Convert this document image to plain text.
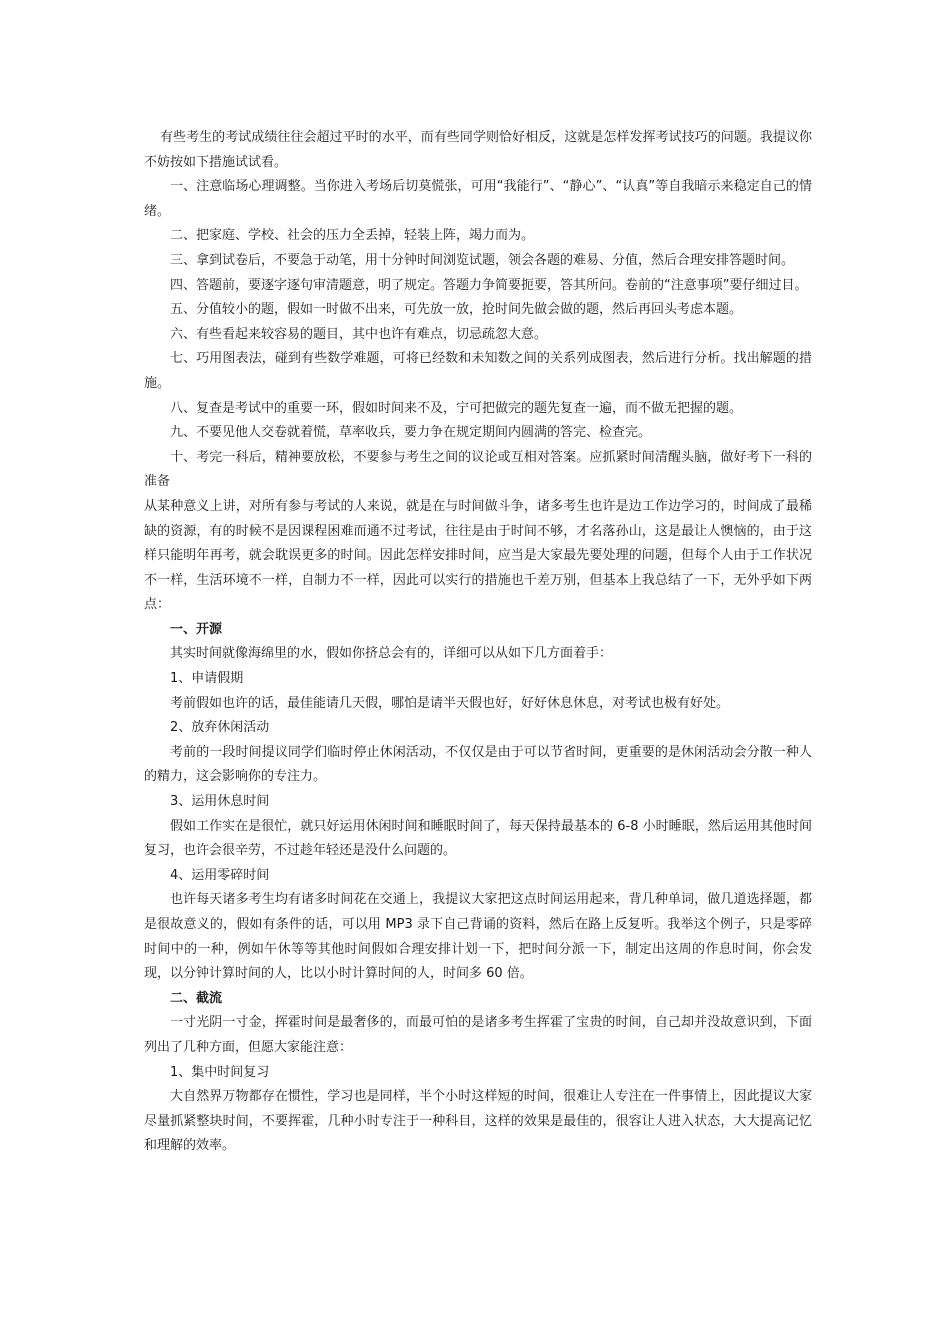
有些考生的考试成绩往往会超过平时的水平，而有些同学则恰好相反，这就是怎样发挥考试技巧的问题。我提议你不妨按如下措施试试看。

一、注意临场心理调整。当你进入考场后切莫慌张，可用“我能行”、“静心”、“认真”等自我暗示来稳定自己的情绪。

二、把家庭、学校、社会的压力全丢掉，轻装上阵，竭力而为。

三、拿到试卷后，不要急于动笔，用十分钟时间浏览试题，领会各题的难易、分值，然后合理安排答题时间。

四、答题前，要逐字逐句审清题意，明了规定。答题力争简要扼要，答其所问。卷前的“注意事项”要仔细过目。

五、分值较小的题，假如一时做不出来，可先放一放，抢时间先做会做的题，然后再回头考虑本题。

六、有些看起来较容易的题目，其中也许有难点，切忌疏忽大意。

七、巧用图表法，碰到有些数学难题，可将已经数和未知数之间的关系列成图表，然后进行分析。找出解题的措施。

八、复查是考试中的重要一环，假如时间来不及，宁可把做完的题先复查一遍，而不做无把握的题。

九、不要见他人交卷就着慌，草率收兵，要力争在规定期间内圆满的答完、检查完。

十、考完一科后，精神要放松，不要参与考生之间的议论或互相对答案。应抓紧时间清醒头脑，做好考下一科的准备

从某种意义上讲，对所有参与考试的人来说，就是在与时间做斗争，诸多考生也许是边工作边学习的，时间成了最稀缺的资源，有的时候不是因课程困难而通不过考试，往往是由于时间不够，才名落孙山，这是最让人懊恼的，由于这样只能明年再考，就会耽误更多的时间。因此怎样安排时间，应当是大家最先要处理的问题，但每个人由于工作状况不一样，生活环境不一样，自制力不一样，因此可以实行的措施也千差万别，但基本上我总结了一下，无外乎如下两点：

一、开源

其实时间就像海绵里的水，假如你挤总会有的，详细可以从如下几方面着手：

1、申请假期

考前假如也许的话，最佳能请几天假，哪怕是请半天假也好，好好休息休息，对考试也极有好处。

2、放弃休闲活动

考前的一段时间提议同学们临时停止休闲活动，不仅仅是由于可以节省时间，更重要的是休闲活动会分散一种人的精力，这会影响你的专注力。

3、运用休息时间

假如工作实在是很忙，就只好运用休闲时间和睡眠时间了，每天保持最基本的 6-8 小时睡眠，然后运用其他时间复习，也许会很辛劳，不过趁年轻还是没什么问题的。

4、运用零碎时间

也许每天诸多考生均有诸多时间花在交通上，我提议大家把这点时间运用起来，背几种单词，做几道选择题，都是很故意义的，假如有条件的话，可以用 MP3 录下自己背诵的资料，然后在路上反复听。我举这个例子，只是零碎时间中的一种，例如午休等等其他时间假如合理安排计划一下，把时间分派一下，制定出这周的作息时间，你会发现，以分钟计算时间的人，比以小时计算时间的人，时间多 60 倍。

二、截流

一寸光阴一寸金，挥霍时间是最奢侈的，而最可怕的是诸多考生挥霍了宝贵的时间，自己却并没故意识到，下面列出了几种方面，但愿大家能注意：

1、集中时间复习

大自然界万物都存在惯性，学习也是同样，半个小时这样短的时间，很难让人专注在一件事情上，因此提议大家尽量抓紧整块时间，不要挥霍，几种小时专注于一种科目，这样的效果是最佳的，很容让人进入状态，大大提高记忆和理解的效率。
